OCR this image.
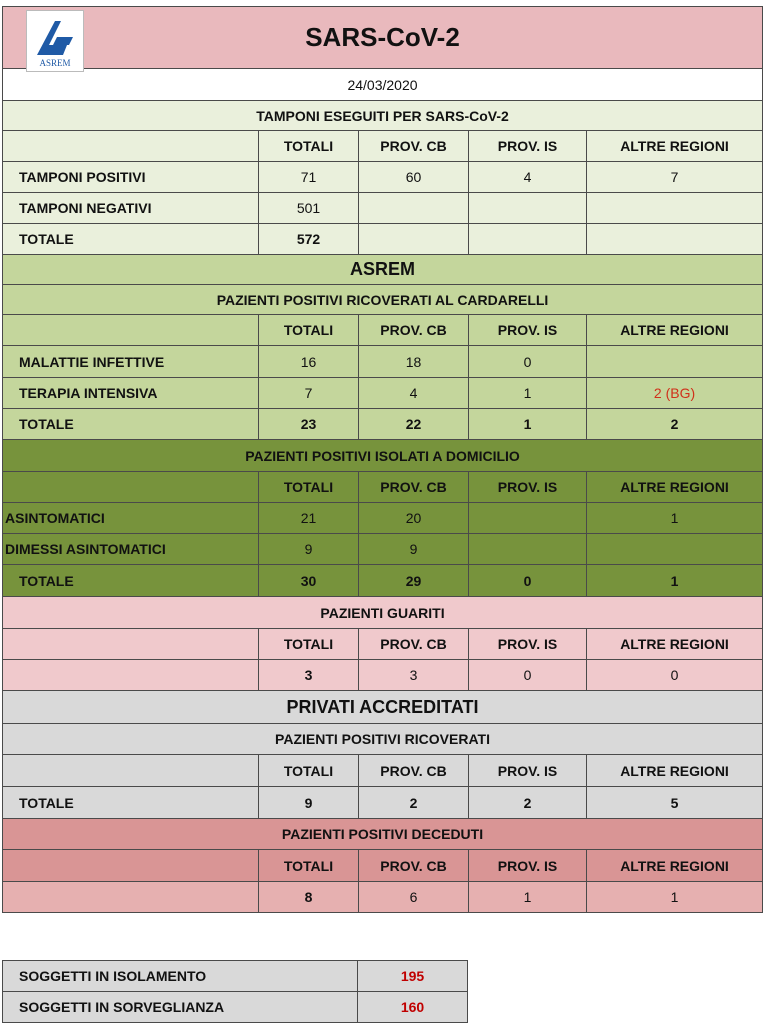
ASREM
SARS-CoV-2				
24/03/2020				
TAMPONI ESEGUITI PER SARS-CoV-2				
	TOTALI	PROV. CB	PROV. IS	ALTRE REGIONI
TAMPONI POSITIVI	71	60	4	7
TAMPONI NEGATIVI	501			
TOTALE	572			
ASREM				
PAZIENTI POSITIVI RICOVERATI AL CARDARELLI				
	TOTALI	PROV. CB	PROV. IS	ALTRE REGIONI
MALATTIE INFETTIVE	16	18	0	
TERAPIA INTENSIVA	7	4	1	2 (BG)
TOTALE	23	22	1	2
PAZIENTI POSITIVI ISOLATI A DOMICILIO				
	TOTALI	PROV. CB	PROV. IS	ALTRE REGIONI
ASINTOMATICI	21	20		1
DIMESSI ASINTOMATICI	9	9		
TOTALE	30	29	0	1
PAZIENTI GUARITI				
	TOTALI	PROV. CB	PROV. IS	ALTRE REGIONI
	3	3	0	0
PRIVATI ACCREDITATI				
PAZIENTI POSITIVI RICOVERATI				
	TOTALI	PROV. CB	PROV. IS	ALTRE REGIONI
TOTALE	9	2	2	5
PAZIENTI POSITIVI DECEDUTI				
	TOTALI	PROV. CB	PROV. IS	ALTRE REGIONI
	8	6	1	1
SOGGETTI IN ISOLAMENTO	195
SOGGETTI IN SORVEGLIANZA	160
